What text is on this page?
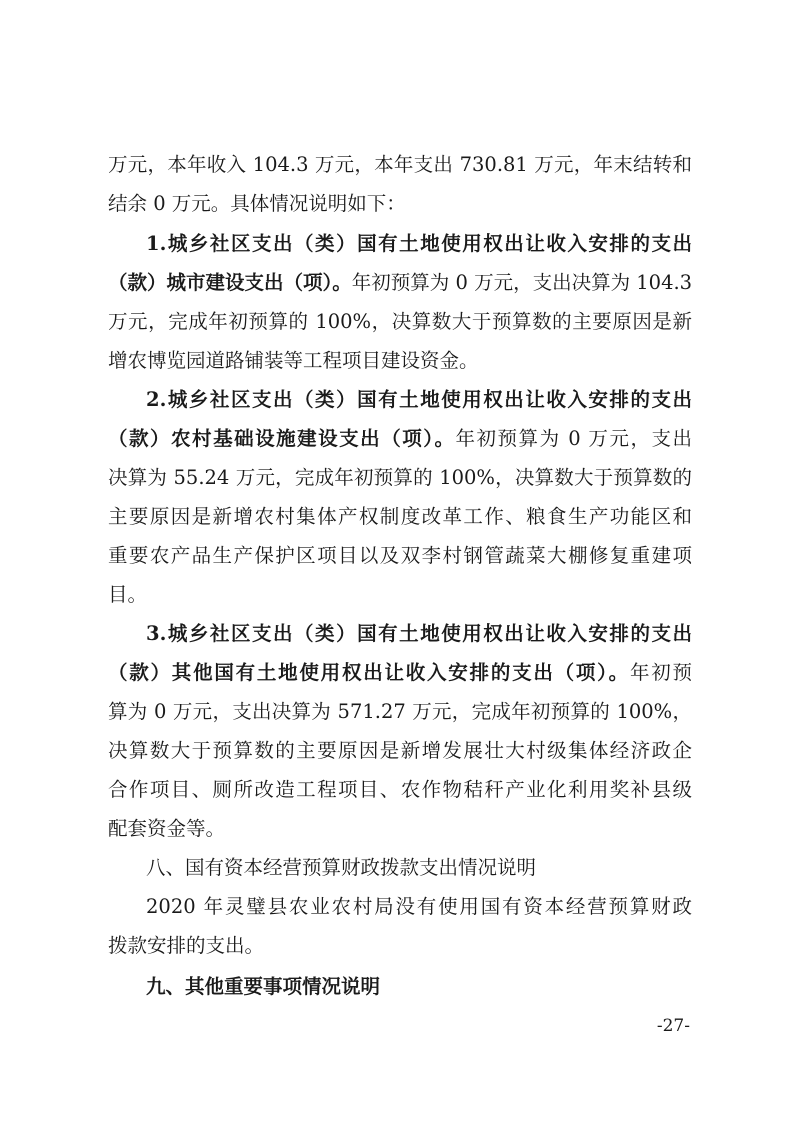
万元，本年收入 104.3 万元，本年支出 730.81 万元，年末结转和
结余 0 万元。具体情况说明如下：
1.城乡社区支出（类）国有土地使用权出让收入安排的支出
（款）城市建设支出（项）。年初预算为 0 万元，支出决算为 104.3
万元，完成年初预算的 100%，决算数大于预算数的主要原因是新
增农博览园道路铺装等工程项目建设资金。
2.城乡社区支出（类）国有土地使用权出让收入安排的支出
（款）农村基础设施建设支出（项）。年初预算为 0 万元，支出
决算为 55.24 万元，完成年初预算的 100%，决算数大于预算数的
主要原因是新增农村集体产权制度改革工作、粮食生产功能区和
重要农产品生产保护区项目以及双李村钢管蔬菜大棚修复重建项
目。
3.城乡社区支出（类）国有土地使用权出让收入安排的支出
（款）其他国有土地使用权出让收入安排的支出（项）。年初预
算为 0 万元，支出决算为 571.27 万元，完成年初预算的 100%，
决算数大于预算数的主要原因是新增发展壮大村级集体经济政企
合作项目、厕所改造工程项目、农作物秸秆产业化利用奖补县级
配套资金等。
八、国有资本经营预算财政拨款支出情况说明
2020 年灵璧县农业农村局没有使用国有资本经营预算财政
拨款安排的支出。
九、其他重要事项情况说明
-27-
